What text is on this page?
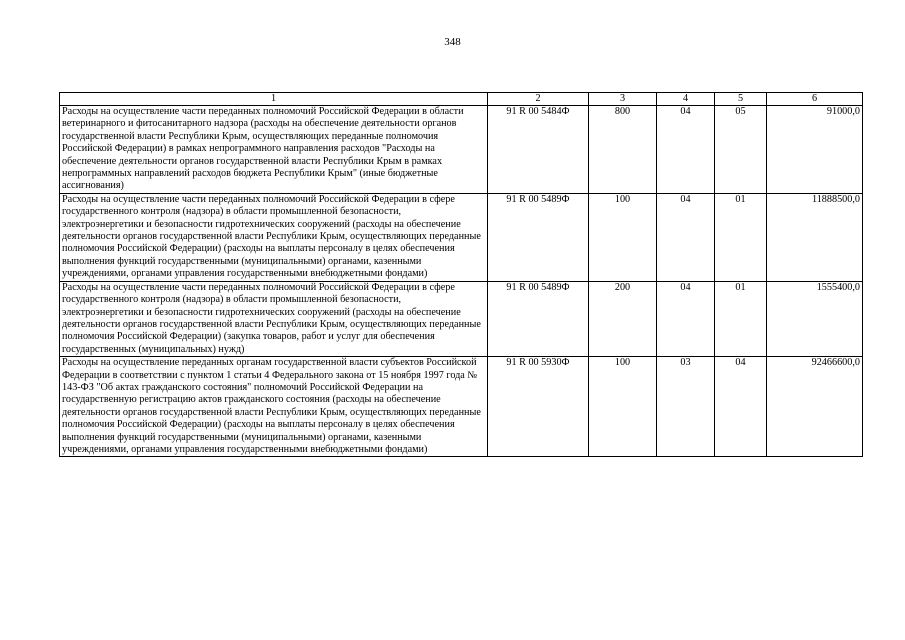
348
1	2	3	4	5	6
Расходы на осуществление части переданных полномочий Российской Федерации в области ветеринарного и фитосанитарного надзора (расходы на обеспечение деятельности органов государственной власти Республики Крым, осуществляющих переданные полномочия Российской Федерации) в рамках непрограммного направления расходов "Расходы на обеспечение деятельности органов государственной власти Республики Крым в рамках непрограммных направлений расходов бюджета Республики Крым" (иные бюджетные ассигнования)	91 R 00 5484Ф	800	04	05	91000,0
Расходы на осуществление части переданных полномочий Российской Федерации в сфере государственного контроля (надзора) в области промышленной безопасности, электроэнергетики и безопасности гидротехнических сооружений (расходы на обеспечение деятельности органов государственной власти Республики Крым, осуществляющих переданные полномочия Российской Федерации) (расходы на выплаты персоналу в целях обеспечения выполнения функций государственными (муниципальными) органами, казенными учреждениями, органами управления государственными внебюджетными фондами)	91 R 00 5489Ф	100	04	01	11888500,0
Расходы на осуществление части переданных полномочий Российской Федерации в сфере государственного контроля (надзора) в области промышленной безопасности, электроэнергетики и безопасности гидротехнических сооружений (расходы на обеспечение деятельности органов государственной власти Республики Крым, осуществляющих переданные полномочия Российской Федерации) (закупка товаров, работ и услуг для обеспечения государственных (муниципальных) нужд)	91 R 00 5489Ф	200	04	01	1555400,0
Расходы на осуществление переданных органам государственной власти субъектов Российской Федерации в соответствии с пунктом 1 статьи 4 Федерального закона от 15 ноября 1997 года № 143-ФЗ "Об актах гражданского состояния" полномочий Российской Федерации на государственную регистрацию актов гражданского состояния (расходы на обеспечение деятельности органов государственной власти Республики Крым, осуществляющих переданные полномочия Российской Федерации) (расходы на выплаты персоналу в целях обеспечения выполнения функций государственными (муниципальными) органами, казенными учреждениями, органами управления государственными внебюджетными фондами)	91 R 00 5930Ф	100	03	04	92466600,0
